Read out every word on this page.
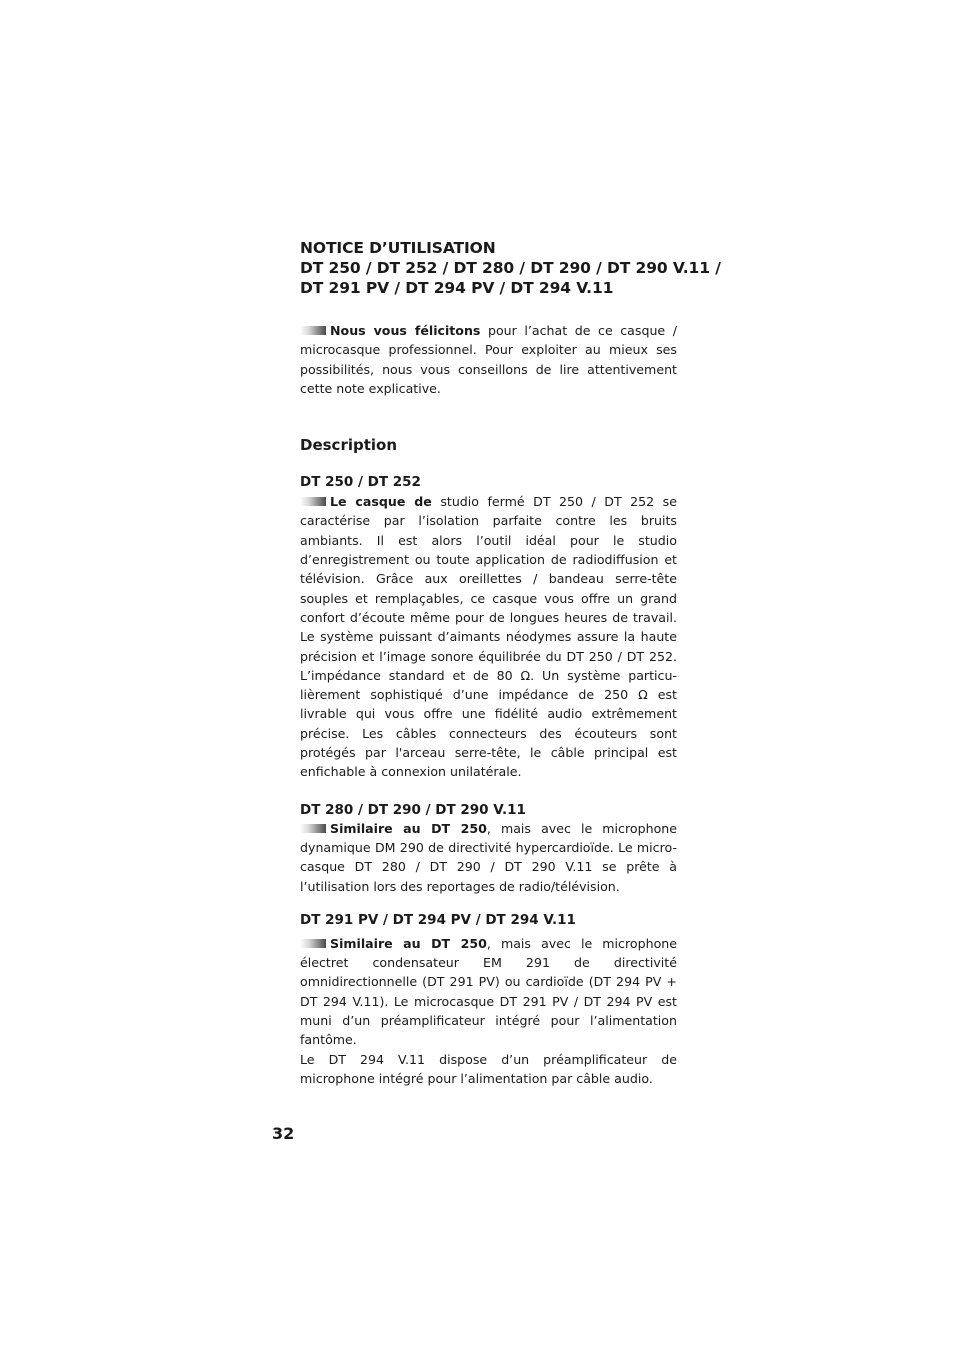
NOTICE D’UTILISATION
DT 250 / DT 252 / DT 280 / DT 290 / DT 290 V.11 /
DT 291 PV / DT 294 PV / DT 294 V.11

Nous vous félicitons pour l’achat de ce casque / microcasque professionnel. Pour exploiter au mieux ses possibilités, nous vous conseillons de lire attentivement cette note explicative.

Description
DT 250 / DT 252

Le casque de studio fermé DT 250 / DT 252 se caractérise par l’isolation parfaite contre les bruits ambiants. Il est alors l’outil idéal pour le studio d’enregistrement ou toute application de radiodiffusion et télévision. Grâce aux oreillettes / bandeau serre-tête souples et remplaçables, ce casque vous offre un grand confort d’écoute même pour de longues heures de travail. Le système puissant d’aimants néodymes assure la haute précision et l’image sonore équilibrée du DT 250 / DT 252. L’impédance standard et de 80 Ω. Un système particulièrement sophistiqué d’une impédance de 250 Ω est livrable qui vous offre une fidélité audio extrêmement précise. Les câbles connecteurs des écouteurs sont protégés par l'arceau serre-tête, le câble principal est enfichable à connexion unilatérale.

DT 280 / DT 290 / DT 290 V.11

Similaire au DT 250, mais avec le microphone dynamique DM 290 de directivité hypercardioïde. Le micro-casque DT 280 / DT 290 / DT 290 V.11 se prête à l’utilisation lors des reportages de radio/télévision.

DT 291 PV / DT 294 PV / DT 294 V.11

Similaire au DT 250, mais avec le microphone électret condensateur EM 291 de directivité omnidirectionnelle (DT 291 PV) ou cardioïde (DT 294 PV + DT 294 V.11). Le microcasque DT 291 PV / DT 294 PV est muni d’un préamplificateur intégré pour l’alimentation fantôme.

Le DT 294 V.11 dispose d’un préamplificateur de microphone intégré pour l’alimentation par câble audio.

32
